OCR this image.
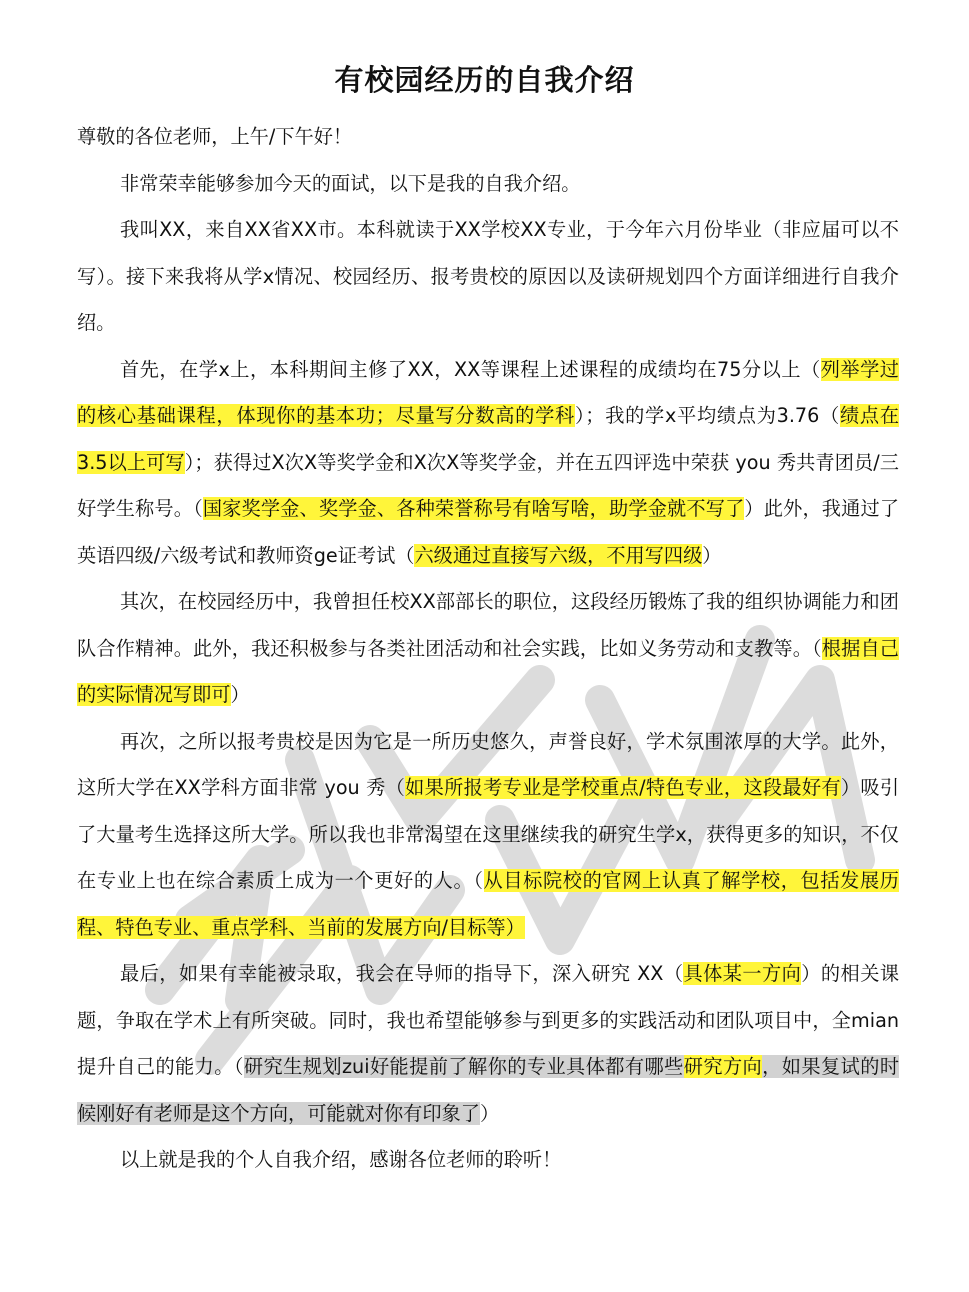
有校园经历的自我介绍

尊敬的各位老师，上午/下午好！

非常荣幸能够参加今天的面试，以下是我的自我介绍。

我叫XX，来自XX省XX市。本科就读于XX学校XX专业，于今年六月份毕业（非应届可以不写）。接下来我将从学x情况、校园经历、报考贵校的原因以及读研规划四个方面详细进行自我介绍。

首先，在学x上，本科期间主修了XX，XX等课程上述课程的成绩均在75分以上（列举学过的核心基础课程，体现你的基本功；尽量写分数高的学科）；我的学x平均绩点为3.76（绩点在3.5以上可写）；获得过X次X等奖学金和X次X等奖学金，并在五四评选中荣获 you 秀共青团员/三好学生称号。（国家奖学金、奖学金、各种荣誉称号有啥写啥，助学金就不写了）此外，我通过了英语四级/六级考试和教师资ge证考试（六级通过直接写六级，不用写四级）

其次，在校园经历中，我曾担任校XX部部长的职位，这段经历锻炼了我的组织协调能力和团队合作精神。此外，我还积极参与各类社团活动和社会实践，比如义务劳动和支教等。（根据自己的实际情况写即可）

再次，之所以报考贵校是因为它是一所历史悠久，声誉良好，学术氛围浓厚的大学。此外，这所大学在XX学科方面非常 you 秀（如果所报考专业是学校重点/特色专业，这段最好有）吸引了大量考生选择这所大学。所以我也非常渴望在这里继续我的研究生学x，获得更多的知识，不仅在专业上也在综合素质上成为一个更好的人。（从目标院校的官网上认真了解学校，包括发展历程、特色专业、重点学科、当前的发展方向/目标等）

最后，如果有幸能被录取，我会在导师的指导下，深入研究 XX（具体某一方向）的相关课题，争取在学术上有所突破。同时，我也希望能够参与到更多的实践活动和团队项目中，全mian提升自己的能力。（研究生规划zui好能提前了解你的专业具体都有哪些研究方向，如果复试的时候刚好有老师是这个方向，可能就对你有印象了）

以上就是我的个人自我介绍，感谢各位老师的聆听！
